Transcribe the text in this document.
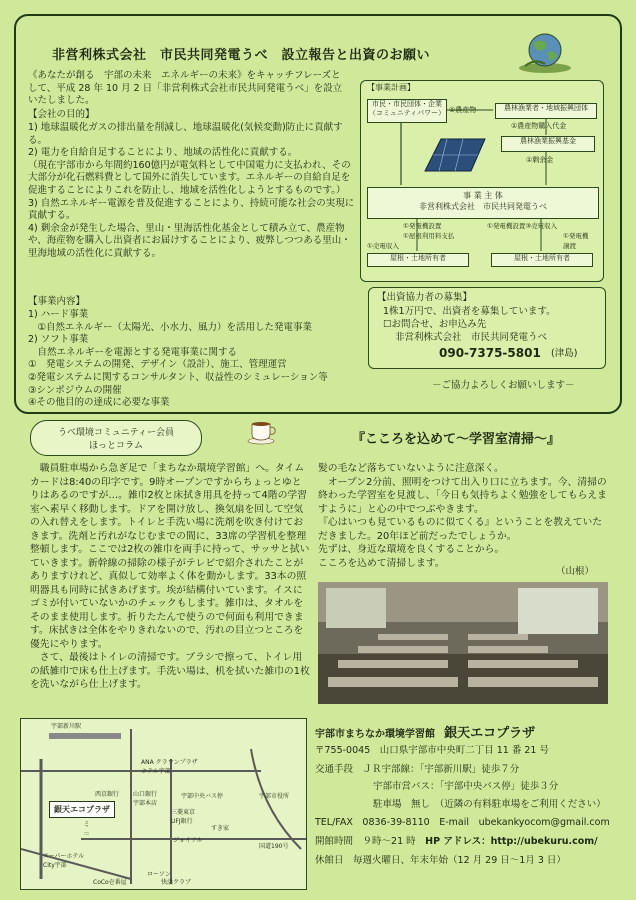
非営利株式会社　市民共同発電うべ　設立報告と出資のお願い
《あなたが創る　宇部の未来　エネルギーの未来》をキャッチフレーズとして、平成 28 年 10 月 2 日「非営利株式会社市民共同発電うべ」を設立いたしました。
【会社の目的】
1) 地球温暖化ガスの排出量を削減し、地球温暖化(気候変動)防止に貢献する。
2) 電力を自給自足することにより、地域の活性化に貢献する。
（現在宇部市から年間約160億円が電気料として中国電力に支払われ、その大部分が化石燃料費として国外に消失しています。エネルギーの自給自足を促進することによりこれを防止し、地域を活性化しようとするものです。）
3) 自然エネルギー電源を普及促進することにより、持続可能な社会の実現に貢献する。
4) 剰余金が発生した場合、里山・里海活性化基金として積み立て、農産物や、海産物を購入し出資者にお届けすることにより、疲弊しつつある里山・里海地域の活性化に貢献する。
【事業内容】
1) ハード事業
　①自然エネルギー（太陽光、小水力、風力）を活用した発電事業
2) ソフト事業
　自然エネルギーを電源とする発電事業に関する
①　発電システムの開発、デザイン（設計）、施工、管理運営
②発電システムに関するコンサルタント、収益性のシミュレーション等
③シンポジウムの開催
④その他目的の達成に必要な事業
【事業計画】
市民・市民団体・企業
（コミュニティパワー） ①農産物	農林漁業者・地域振興団体
①農産物購入代金
農林漁業振興基金
①剰余金
事 業 主 体
非営利株式会社　市民共同発電うべ
①発電機設置
①屋根利用料支払
①売電収入
①発電機設置③売電収入
①発電機
譲渡
屋根・土地所有者	屋根・土地所有者
【出資協力者の募集】
1株1万円で、出資者を募集しています。
☐お問合せ、お申込み先
非営利株式会社　市民共同発電うべ
090-7375-5801 (津島)
－ご協力よろしくお願いします－
うべ環境コミュニティー会員
ほっとコラム	『こころを込めて～学習室清掃～』
　職員駐車場から急ぎ足で「まちなか環境学習館」へ。タイムカードは8:40の印字です。9時オープンですからちょっとゆとりはあるのですが…。雑巾2枚と床拭き用具を持って4階の学習室へ素早く移動します。ドアを開け放し、換気扇を回して空気の入れ替えをします。トイレと手洗い場に洗剤を吹き付けておきます。洗剤と汚れがなじむまでの間に、33席の学習机を整理整頓します。ここでは2枚の雑巾を両手に持って、サッサと拭いていきます。新幹線の掃除の様子がテレビで紹介されたことがありますけれど、真似して効率よく体を動かします。33本の照明器具も同時に拭きあげます。埃が結構付いています。イスにゴミが付いていないかのチェックもします。雑巾は、タオルをそのまま使用します。折りたたんで使うので何面も利用できます。床拭きは全体をやりきれないので、汚れの目立つところを優先にやります。
　さて、最後はトイレの清掃です。ブラシで擦って、トイレ用の紙雑巾で床も仕上げます。手洗い場は、机を拭いた雑巾の1枚を洗いながら仕上げます。
髪の毛など落ちていないように注意深く。
　オープン2分前、照明をつけて出入り口に立ちます。今、清掃の終わった学習室を見渡し、「今日も気持ちよく勉強をしてもらえますように」と心の中でつぶやきます。
『心はいつも見ているものに似てくる』ということを教えていただきました。20年ほど前だったでしょうか。
先ずは、身近な環境を良くすることから。
こころを込めて清掃します。
（山根）
宇部市まちなか環境学習館 銀天エコプラザ
〒755-0045　山口県宇部市中央町二丁目 11 番 21 号
交通手段　 ＪＲ宇部線：「宇部新川駅」徒歩７分
宇部市営バス：「宇部中央バス停」徒歩３分
駐車場　無し　（近隣の有料駐車場をご利用ください）
TEL/FAX　 0836-39-8110　 E-mail　 ubekankyocom@gmail.com
開館時間　 ９時～21 時　 HP アドレス：http://ubekuru.com/
休館日　 毎週火曜日、年末年始（12 月 29 日～1月 3 日）
宇部新川駅
ANA クラウンプラザ
ホテル宇部
西京銀行 山口銀行
宇部本店
宇部中央バス停
銀天エコプラザ	三菱東京
UFJ銀行
宇部市役所
国道190号
スーパーホテル
City宇部
ジョイフル
すき家
CoCo壱番屋
ローソン
快活クラブ
ミ
＝
